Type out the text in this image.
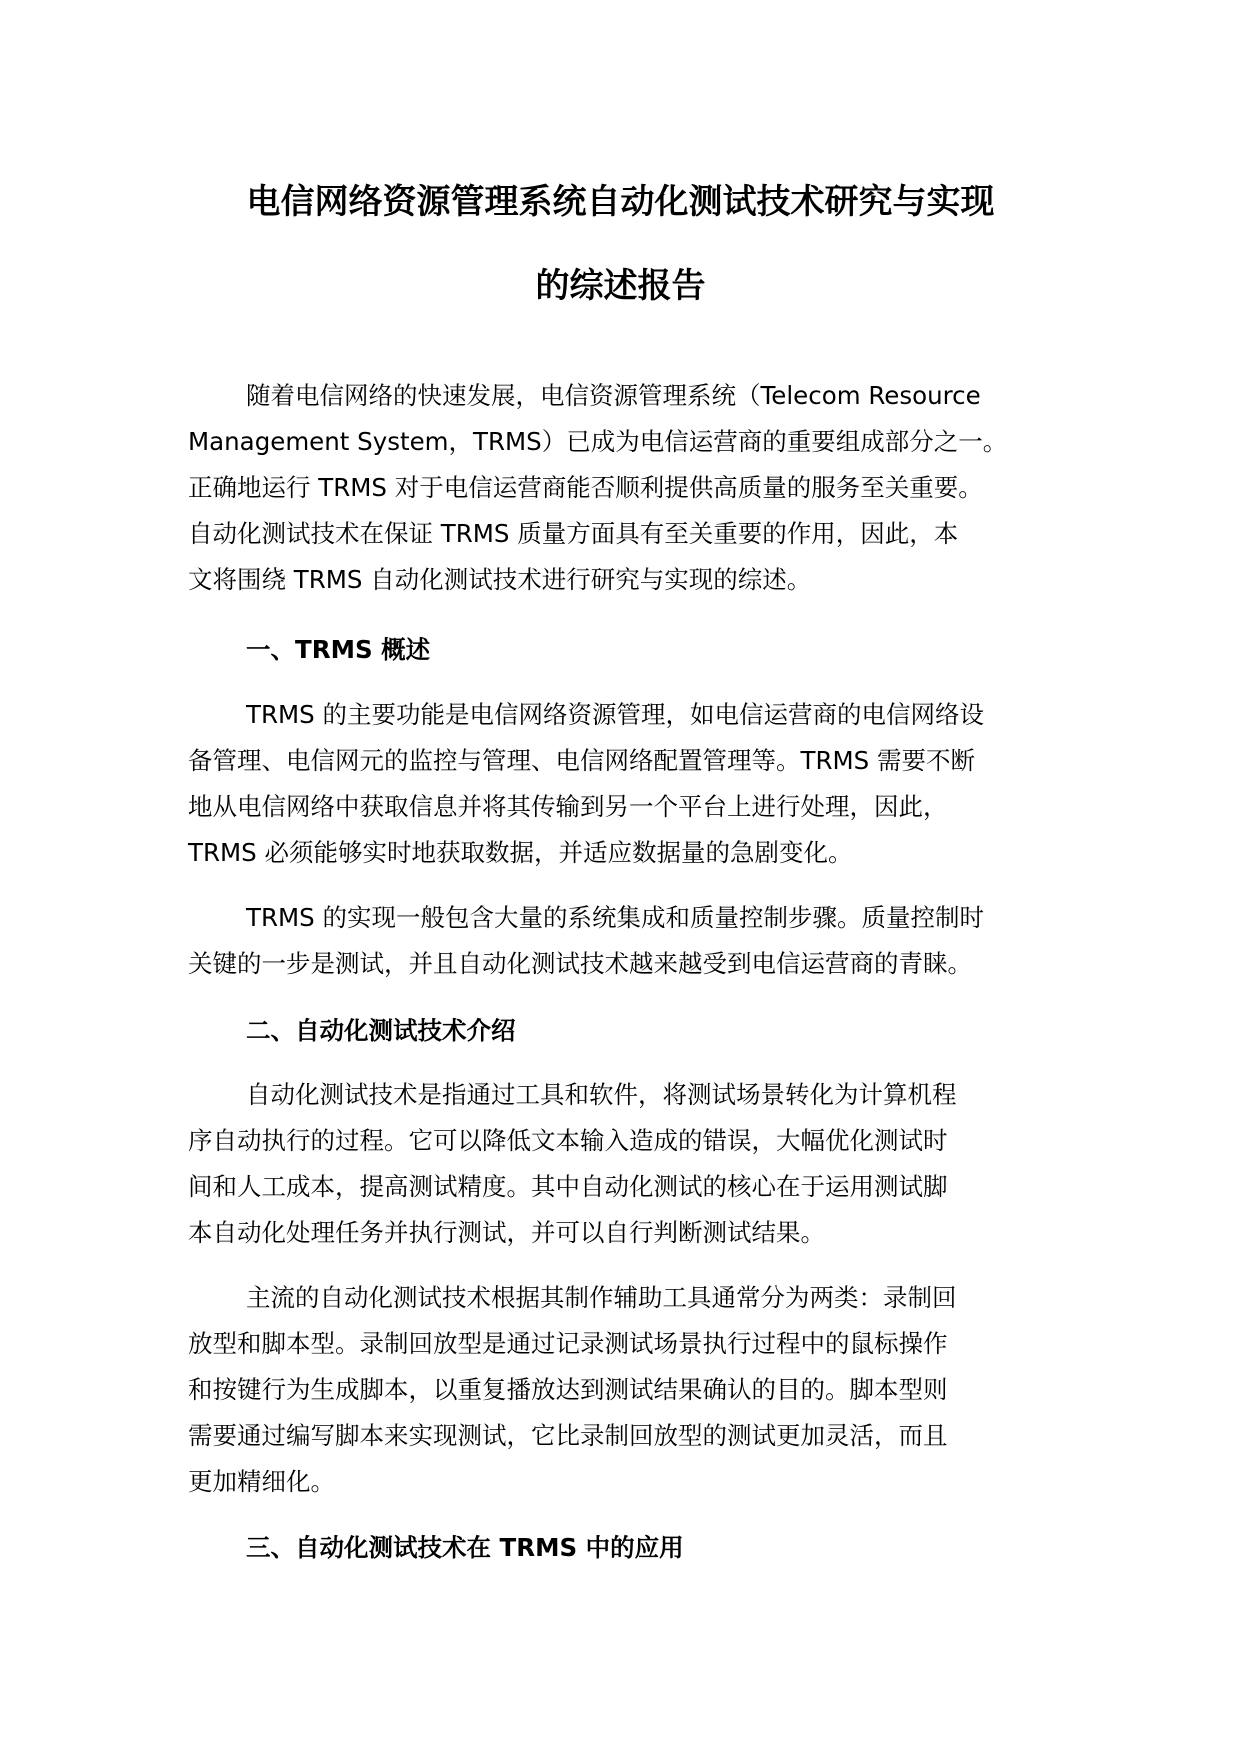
电信网络资源管理系统自动化测试技术研究与实现
的综述报告

随着电信网络的快速发展，电信资源管理系统（Telecom Resource
Management System，TRMS）已成为电信运营商的重要组成部分之一。
正确地运行 TRMS 对于电信运营商能否顺利提供高质量的服务至关重要。
自动化测试技术在保证 TRMS 质量方面具有至关重要的作用，因此，本
文将围绕 TRMS 自动化测试技术进行研究与实现的综述。

一、TRMS 概述

TRMS 的主要功能是电信网络资源管理，如电信运营商的电信网络设
备管理、电信网元的监控与管理、电信网络配置管理等。TRMS 需要不断
地从电信网络中获取信息并将其传输到另一个平台上进行处理，因此，
TRMS 必须能够实时地获取数据，并适应数据量的急剧变化。

TRMS 的实现一般包含大量的系统集成和质量控制步骤。质量控制时
关键的一步是测试，并且自动化测试技术越来越受到电信运营商的青睐。

二、自动化测试技术介绍

自动化测试技术是指通过工具和软件，将测试场景转化为计算机程
序自动执行的过程。它可以降低文本输入造成的错误，大幅优化测试时
间和人工成本，提高测试精度。其中自动化测试的核心在于运用测试脚
本自动化处理任务并执行测试，并可以自行判断测试结果。

主流的自动化测试技术根据其制作辅助工具通常分为两类：录制回
放型和脚本型。录制回放型是通过记录测试场景执行过程中的鼠标操作
和按键行为生成脚本，以重复播放达到测试结果确认的目的。脚本型则
需要通过编写脚本来实现测试，它比录制回放型的测试更加灵活，而且
更加精细化。

三、自动化测试技术在 TRMS 中的应用
